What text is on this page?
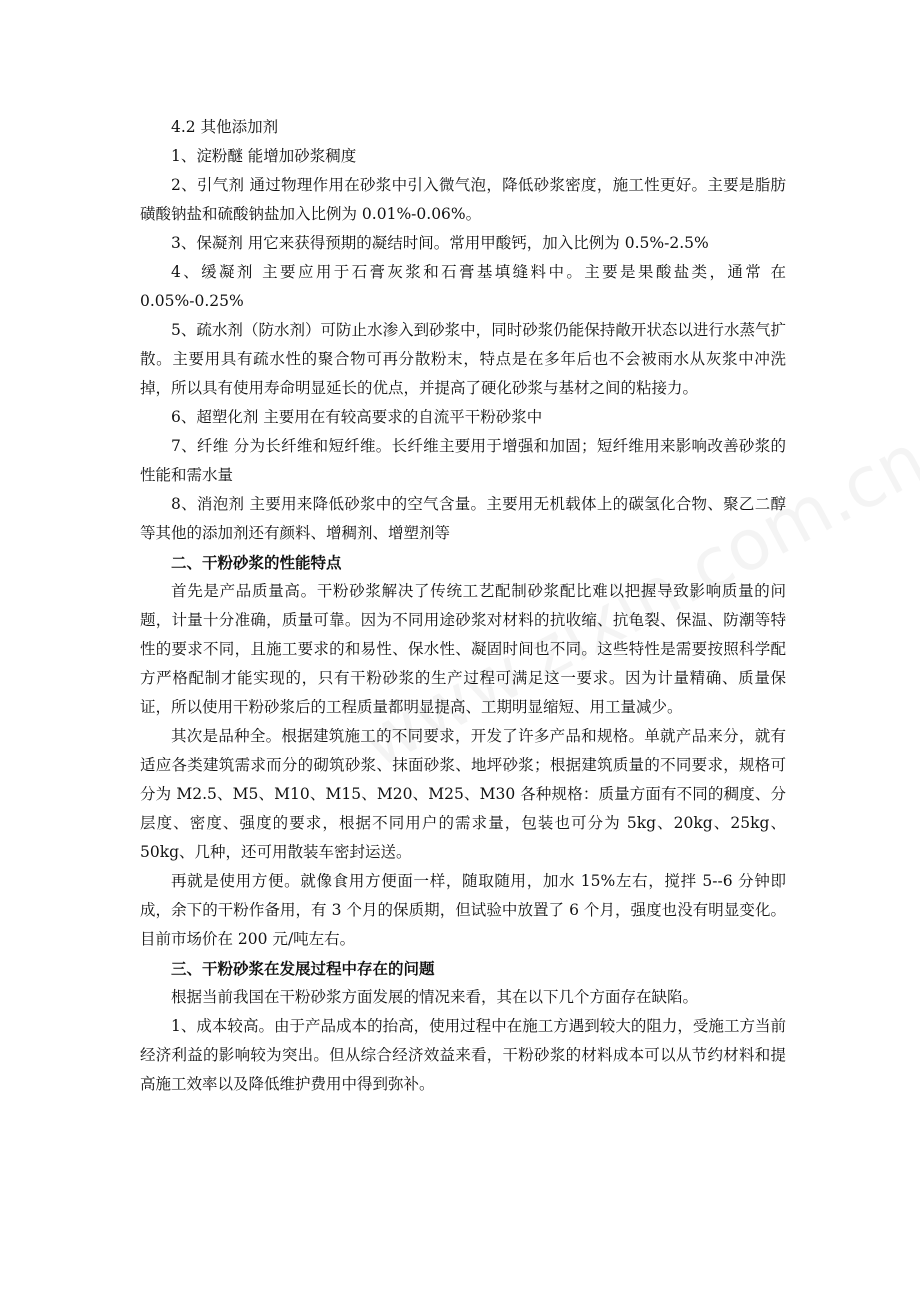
4.2 其他添加剂

1、淀粉醚 能增加砂浆稠度

2、引气剂 通过物理作用在砂浆中引入微气泡，降低砂浆密度，施工性更好。主要是脂肪磺酸钠盐和硫酸钠盐加入比例为 0.01%-0.06%。

3、保凝剂 用它来获得预期的凝结时间。常用甲酸钙，加入比例为 0.5%-2.5%

4、缓凝剂 主要应用于石膏灰浆和石膏基填缝料中。主要是果酸盐类，通常 在 0.05%-0.25%

5、疏水剂（防水剂）可防止水渗入到砂浆中，同时砂浆仍能保持敞开状态以进行水蒸气扩散。主要用具有疏水性的聚合物可再分散粉末，特点是在多年后也不会被雨水从灰浆中冲洗掉，所以具有使用寿命明显延长的优点，并提高了硬化砂浆与基材之间的粘接力。

6、超塑化剂 主要用在有较高要求的自流平干粉砂浆中

7、纤维 分为长纤维和短纤维。长纤维主要用于增强和加固；短纤维用来影响改善砂浆的性能和需水量

8、消泡剂 主要用来降低砂浆中的空气含量。主要用无机载体上的碳氢化合物、聚乙二醇等其他的添加剂还有颜料、增稠剂、增塑剂等

二、干粉砂浆的性能特点

首先是产品质量高。干粉砂浆解决了传统工艺配制砂浆配比难以把握导致影响质量的问题，计量十分准确，质量可靠。因为不同用途砂浆对材料的抗收缩、抗龟裂、保温、防潮等特性的要求不同，且施工要求的和易性、保水性、凝固时间也不同。这些特性是需要按照科学配方严格配制才能实现的，只有干粉砂浆的生产过程可满足这一要求。因为计量精确、质量保证，所以使用干粉砂浆后的工程质量都明显提高、工期明显缩短、用工量减少。

其次是品种全。根据建筑施工的不同要求，开发了许多产品和规格。单就产品来分，就有适应各类建筑需求而分的砌筑砂浆、抹面砂浆、地坪砂浆；根据建筑质量的不同要求，规格可分为 M2.5、M5、M10、M15、M20、M25、M30 各种规格：质量方面有不同的稠度、分层度、密度、强度的要求，根据不同用户的需求量，包装也可分为 5kg、20kg、25kg、50kg、几种，还可用散装车密封运送。

再就是使用方便。就像食用方便面一样，随取随用，加水 15%左右，搅拌 5--6 分钟即成，余下的干粉作备用，有 3 个月的保质期，但试验中放置了 6 个月，强度也没有明显变化。目前市场价在 200 元/吨左右。

三、干粉砂浆在发展过程中存在的问题

根据当前我国在干粉砂浆方面发展的情况来看，其在以下几个方面存在缺陷。

1、成本较高。由于产品成本的抬高，使用过程中在施工方遇到较大的阻力，受施工方当前经济利益的影响较为突出。但从综合经济效益来看，干粉砂浆的材料成本可以从节约材料和提高施工效率以及降低维护费用中得到弥补。
